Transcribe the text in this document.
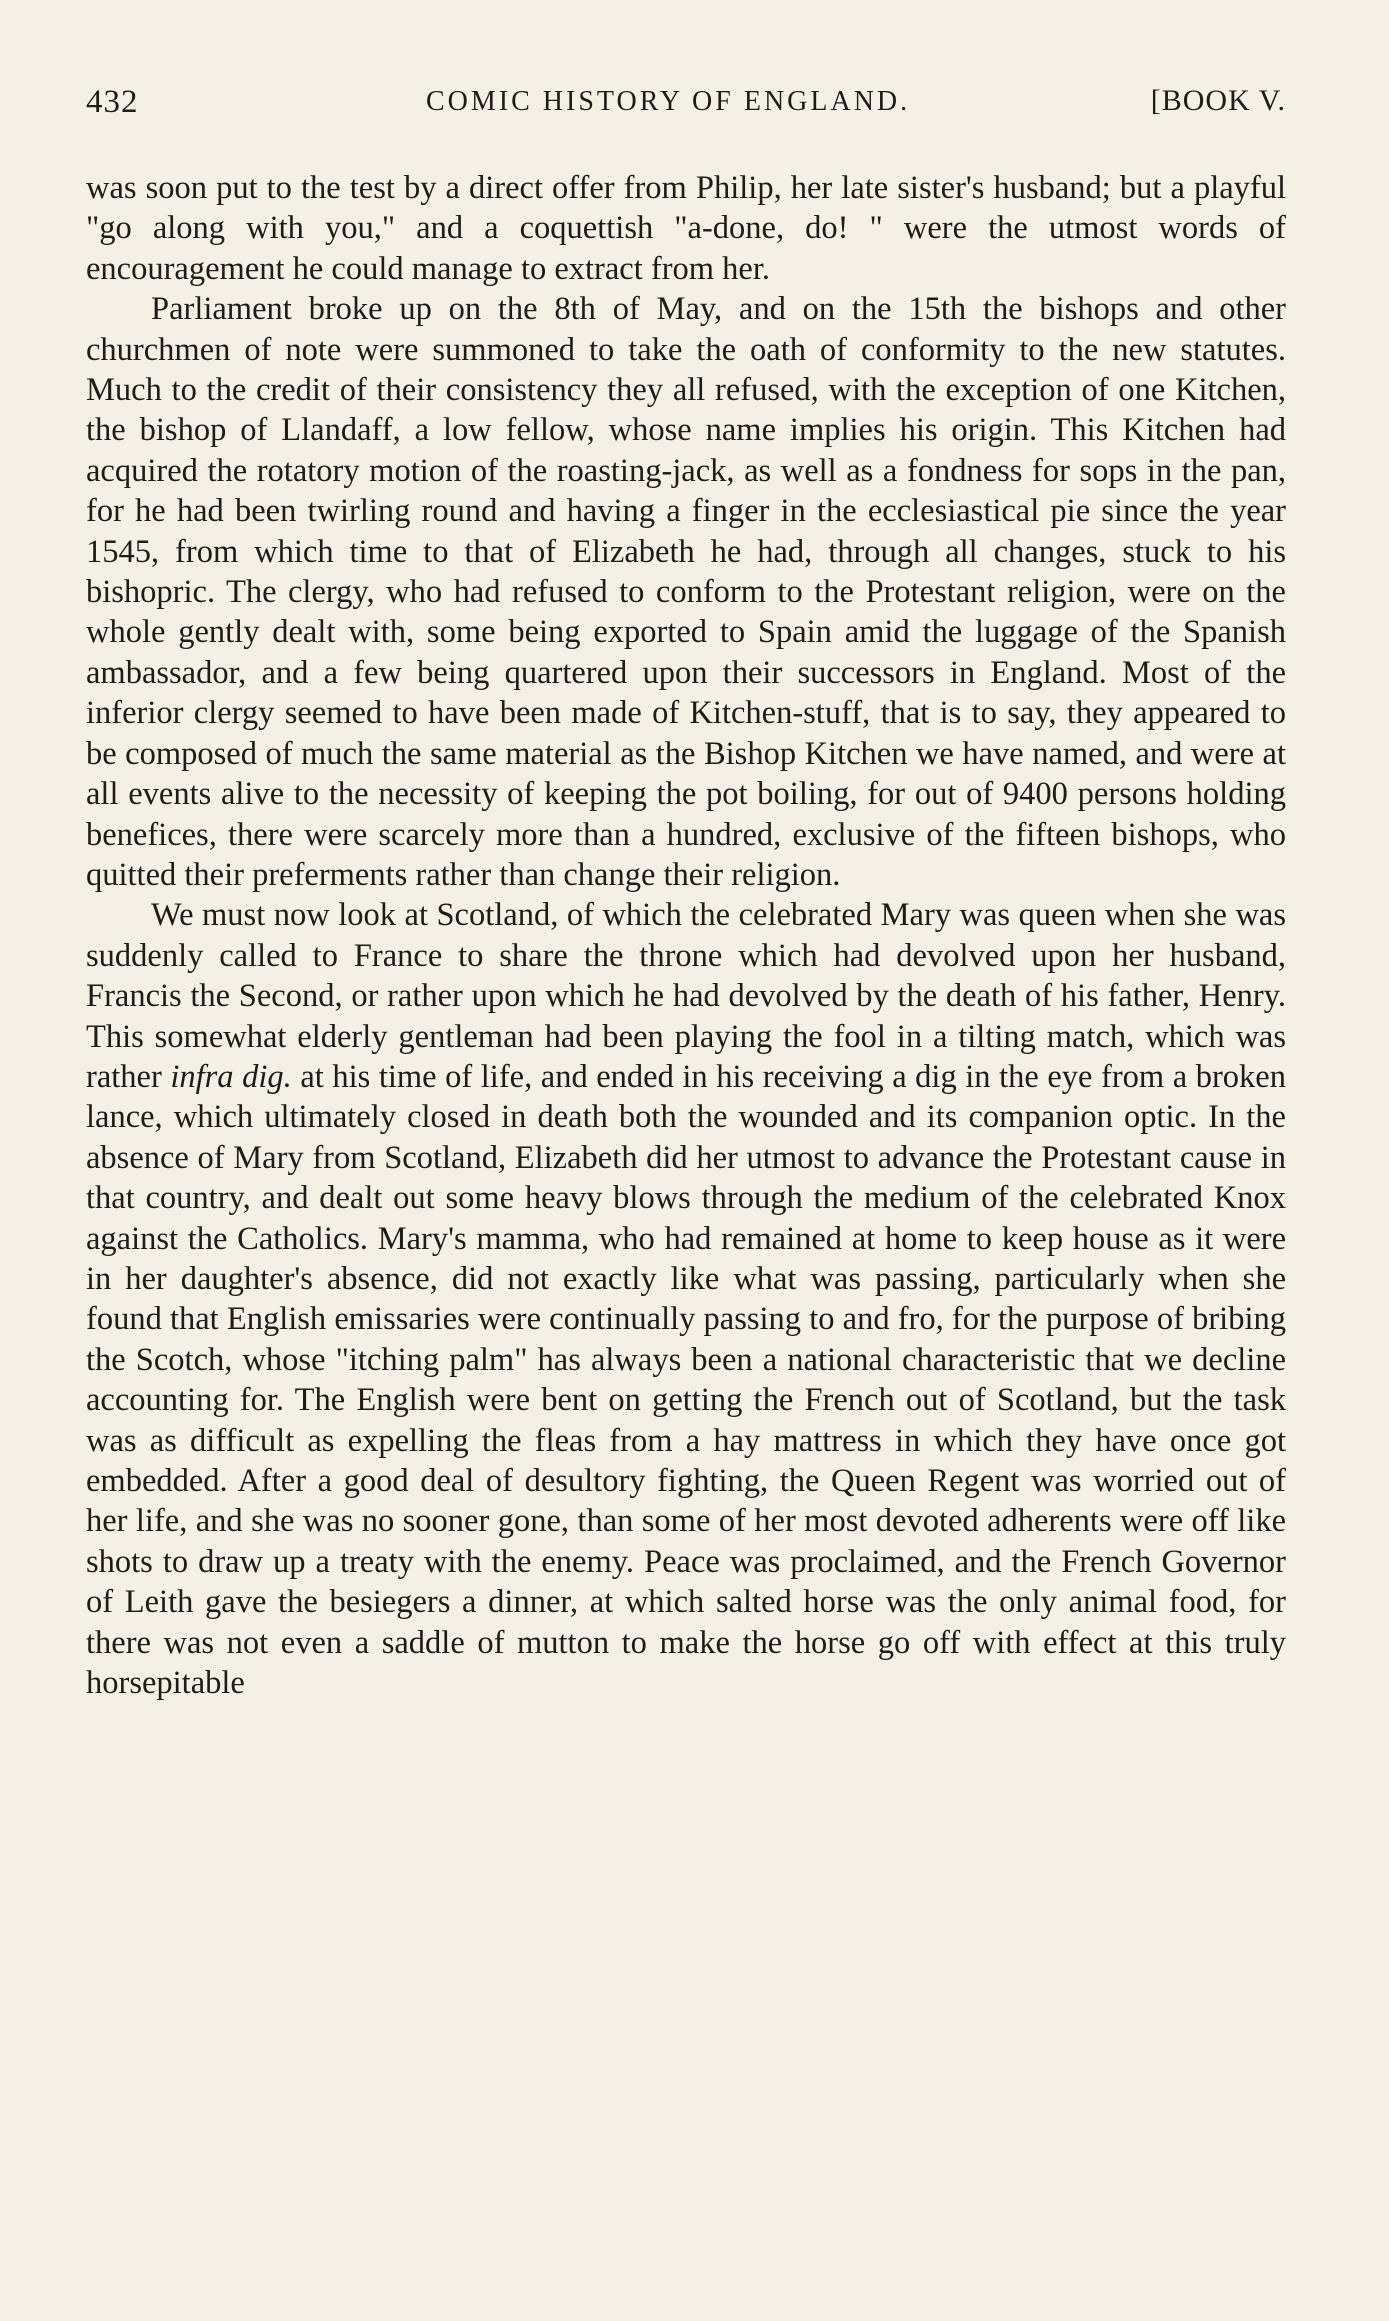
432	COMIC HISTORY OF ENGLAND.	[BOOK V.

was soon put to the test by a direct offer from Philip, her late sister's husband; but a playful "go along with you," and a coquettish "a-done, do! " were the utmost words of encouragement he could manage to extract from her.

Parliament broke up on the 8th of May, and on the 15th the bishops and other churchmen of note were summoned to take the oath of conformity to the new statutes. Much to the credit of their consistency they all refused, with the exception of one Kitchen, the bishop of Llandaff, a low fellow, whose name implies his origin. This Kitchen had acquired the rotatory motion of the roasting-jack, as well as a fondness for sops in the pan, for he had been twirling round and having a finger in the ecclesiastical pie since the year 1545, from which time to that of Elizabeth he had, through all changes, stuck to his bishopric. The clergy, who had refused to conform to the Protestant religion, were on the whole gently dealt with, some being exported to Spain amid the luggage of the Spanish ambassador, and a few being quartered upon their successors in England. Most of the inferior clergy seemed to have been made of Kitchen-stuff, that is to say, they appeared to be composed of much the same material as the Bishop Kitchen we have named, and were at all events alive to the necessity of keeping the pot boiling, for out of 9400 persons holding benefices, there were scarcely more than a hundred, exclusive of the fifteen bishops, who quitted their preferments rather than change their religion.

We must now look at Scotland, of which the celebrated Mary was queen when she was suddenly called to France to share the throne which had devolved upon her husband, Francis the Second, or rather upon which he had devolved by the death of his father, Henry. This somewhat elderly gentleman had been playing the fool in a tilting match, which was rather infra dig. at his time of life, and ended in his receiving a dig in the eye from a broken lance, which ultimately closed in death both the wounded and its companion optic. In the absence of Mary from Scotland, Elizabeth did her utmost to advance the Protestant cause in that country, and dealt out some heavy blows through the medium of the celebrated Knox against the Catholics. Mary's mamma, who had remained at home to keep house as it were in her daughter's absence, did not exactly like what was passing, particularly when she found that English emissaries were continually passing to and fro, for the purpose of bribing the Scotch, whose "itching palm" has always been a national characteristic that we decline accounting for. The English were bent on getting the French out of Scotland, but the task was as difficult as expelling the fleas from a hay mattress in which they have once got embedded. After a good deal of desultory fighting, the Queen Regent was worried out of her life, and she was no sooner gone, than some of her most devoted adherents were off like shots to draw up a treaty with the enemy. Peace was proclaimed, and the French Governor of Leith gave the besiegers a dinner, at which salted horse was the only animal food, for there was not even a saddle of mutton to make the horse go off with effect at this truly horsepitable
